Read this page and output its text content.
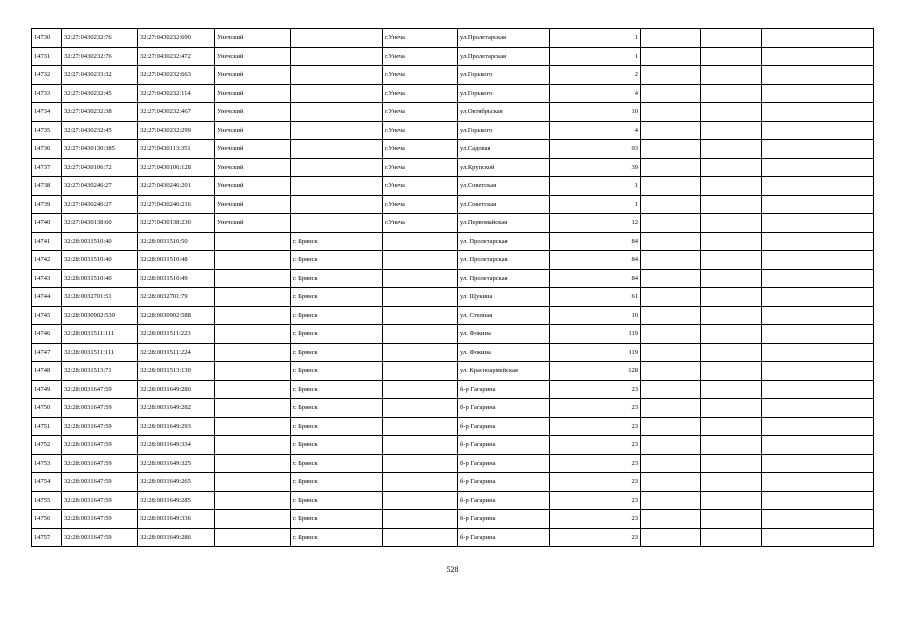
14730	32:27:0430232:76	32:27:0430232:690	Унечский		г.Унеча	ул.Пролетарская	1			
14731	32:27:0430232:76	32:27:0430232:472	Унечский		г.Унеча	ул.Пролетарская	1			
14732	32:27:0430233:32	32:27:0430232:663	Унечский		г.Унеча	ул.Горького	2			
14733	32:27:0430232:45	32:27:0430232:114	Унечский		г.Унеча	ул.Горького	4			
14734	32:27:0430232:38	32:27:0430232:467	Унечский		г.Унеча	ул.Октябрьская	10			
14735	32:27:0430232:45	32:27:0430232:299	Унечский		г.Унеча	ул.Горького	4			
14736	32:27:0430130:385	32:27:0430113:351	Унечский		г.Унеча	ул.Садовая	93			
14737	32:27:0430106:72	32:27:0430106:128	Унечский		г.Унеча	ул.Крупской	39			
14738	32:27:0430246:27	32:27:0430246:201	Унечский		г.Унеча	ул.Советская	1			
14739	32:27:0430246:27	32:27:0430246:216	Унечский		г.Унеча	ул.Советская	1			
14740	32:27:0430138:60	32:27:0430138:230	Унечский		г.Унеча	ул.Первомайская	12			
14741	32:28:0031510:40	32:28:0031510:50		г. Брянск		ул. Пролетарская	84			
14742	32:28:0031510:40	32:28:0031510:48		г. Брянск		ул. Пролетарская	84			
14743	32:28:0031510:40	32:28:0031510:49		г. Брянск		ул. Пролетарская	84			
14744	32:28:0032701:51	32:28:0032701:79		г. Брянск		ул. Щукина	61			
14745	32:28:0030902:539	32:28:0030902:588		г. Брянск		ул. Степная	10			
14746	32:28:0031511:111	32:28:0031511:223		г. Брянск		ул. Фокина	119			
14747	32:28:0031511:111	32:28:0031511:224		г. Брянск		ул. Фокина	119			
14748	32:28:0031513:71	32:28:0031513:130		г. Брянск		ул. Красноармейская	128			
14749	32:28:0031647:59	32:28:0031649:280		г. Брянск		б-р Гагарина	23			
14750	32:28:0031647:59	32:28:0031649:282		г. Брянск		б-р Гагарина	23			
14751	32:28:0031647:59	32:28:0031649:293		г. Брянск		б-р Гагарина	23			
14752	32:28:0031647:59	32:28:0031649:334		г. Брянск		б-р Гагарина	23			
14753	32:28:0031647:59	32:28:0031649:325		г. Брянск		б-р Гагарина	23			
14754	32:28:0031647:59	32:28:0031649:265		г. Брянск		б-р Гагарина	23			
14755	32:28:0031647:59	32:28:0031649:285		г. Брянск		б-р Гагарина	23			
14756	32:28:0031647:59	32:28:0031649:336		г. Брянск		б-р Гагарина	23			
14757	32:28:0031647:59	32:28:0031649:286		г. Брянск		б-р Гагарина	23			
528
